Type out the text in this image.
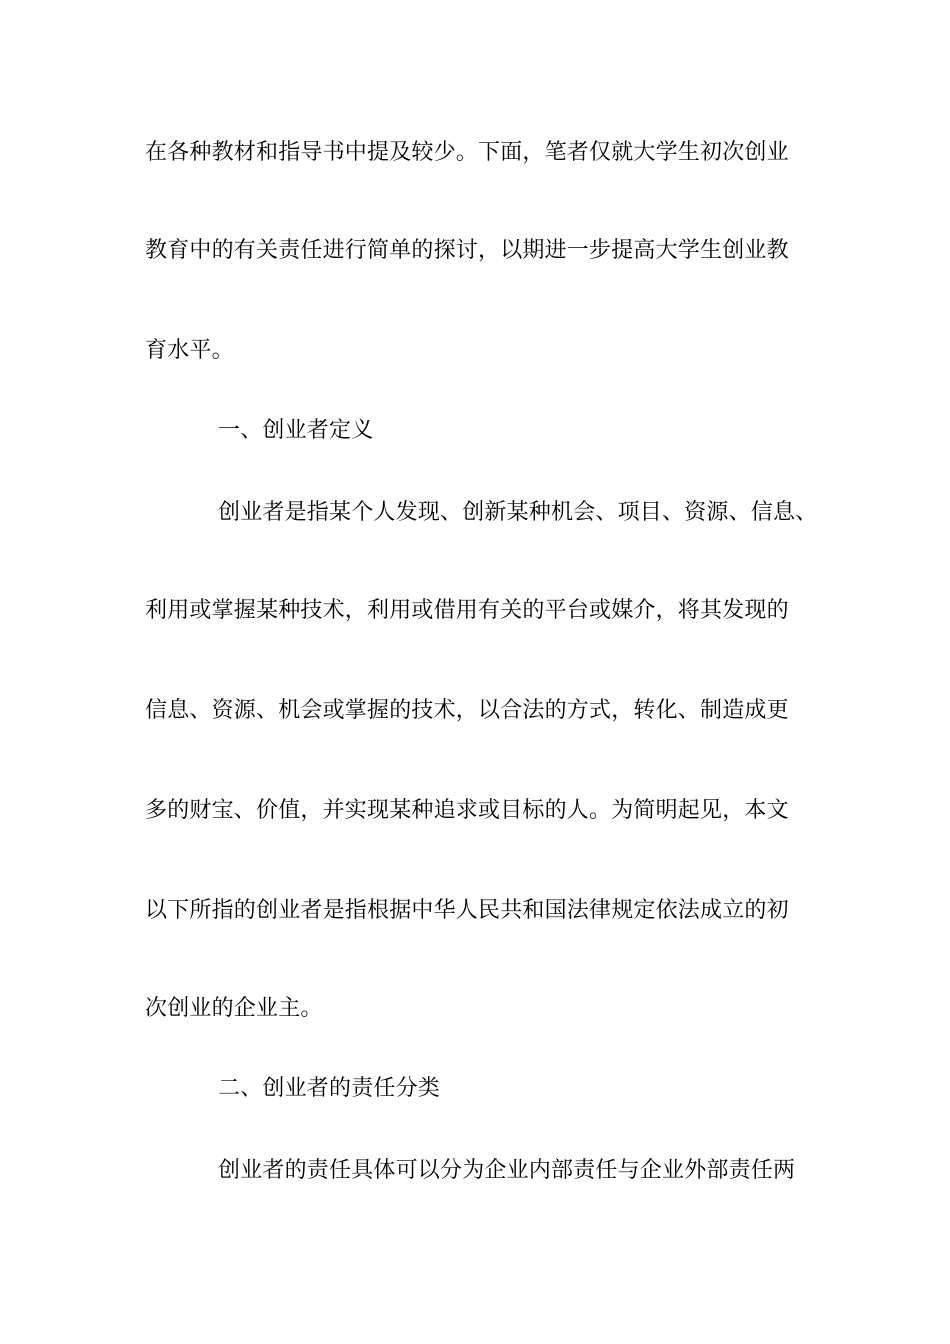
在各种教材和指导书中提及较少。下面，笔者仅就大学生初次创业
教育中的有关责任进行简单的探讨，以期进一步提高大学生创业教
育水平。
一、创业者定义
创业者是指某个人发现、创新某种机会、项目、资源、信息、
利用或掌握某种技术，利用或借用有关的平台或媒介，将其发现的
信息、资源、机会或掌握的技术，以合法的方式，转化、制造成更
多的财宝、价值，并实现某种追求或目标的人。为简明起见，本文
以下所指的创业者是指根据中华人民共和国法律规定依法成立的初
次创业的企业主。
二、创业者的责任分类
创业者的责任具体可以分为企业内部责任与企业外部责任两
